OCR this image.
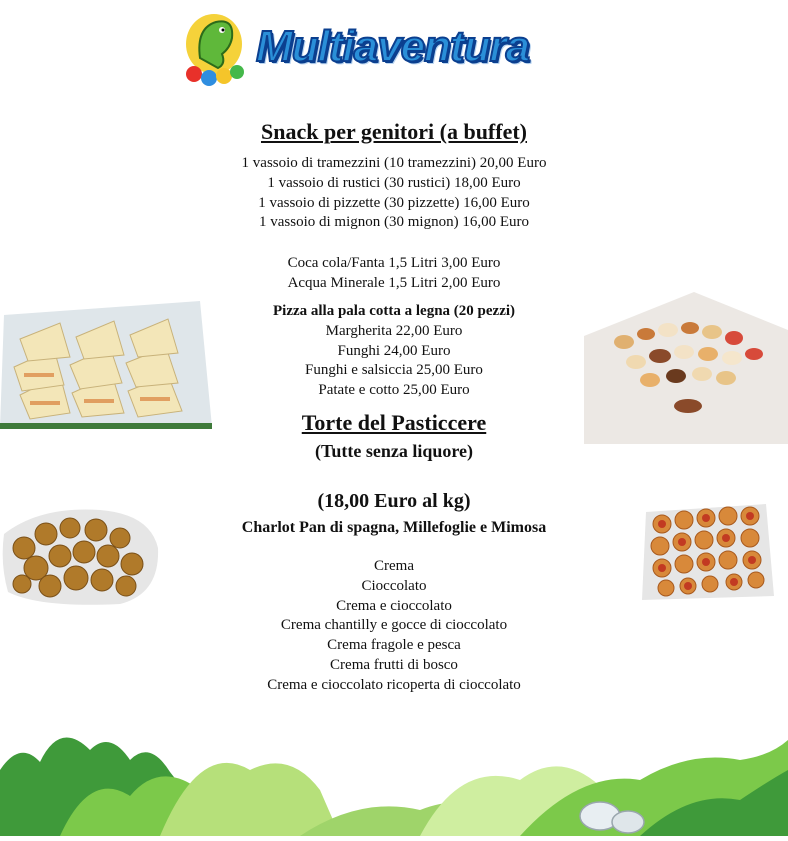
Multiaventura
Snack per genitori (a buffet)
1 vassoio di tramezzini (10 tramezzini) 20,00 Euro
1 vassoio di rustici (30 rustici) 18,00 Euro
1 vassoio di pizzette (30 pizzette) 16,00 Euro
1 vassoio di mignon (30 mignon) 16,00 Euro
Coca cola/Fanta 1,5 Litri 3,00 Euro
Acqua Minerale 1,5 Litri 2,00 Euro
Pizza alla pala cotta a legna (20 pezzi)
Margherita 22,00 Euro
Funghi 24,00 Euro
Funghi e salsiccia 25,00 Euro
Patate e cotto 25,00 Euro
Torte del Pasticcere
(Tutte senza liquore)
(18,00 Euro al kg)
Charlot Pan di spagna, Millefoglie e Mimosa
Crema
Cioccolato
Crema e cioccolato
Crema chantilly e gocce di cioccolato
Crema fragole e pesca
Crema frutti di bosco
Crema e cioccolato ricoperta di cioccolato
